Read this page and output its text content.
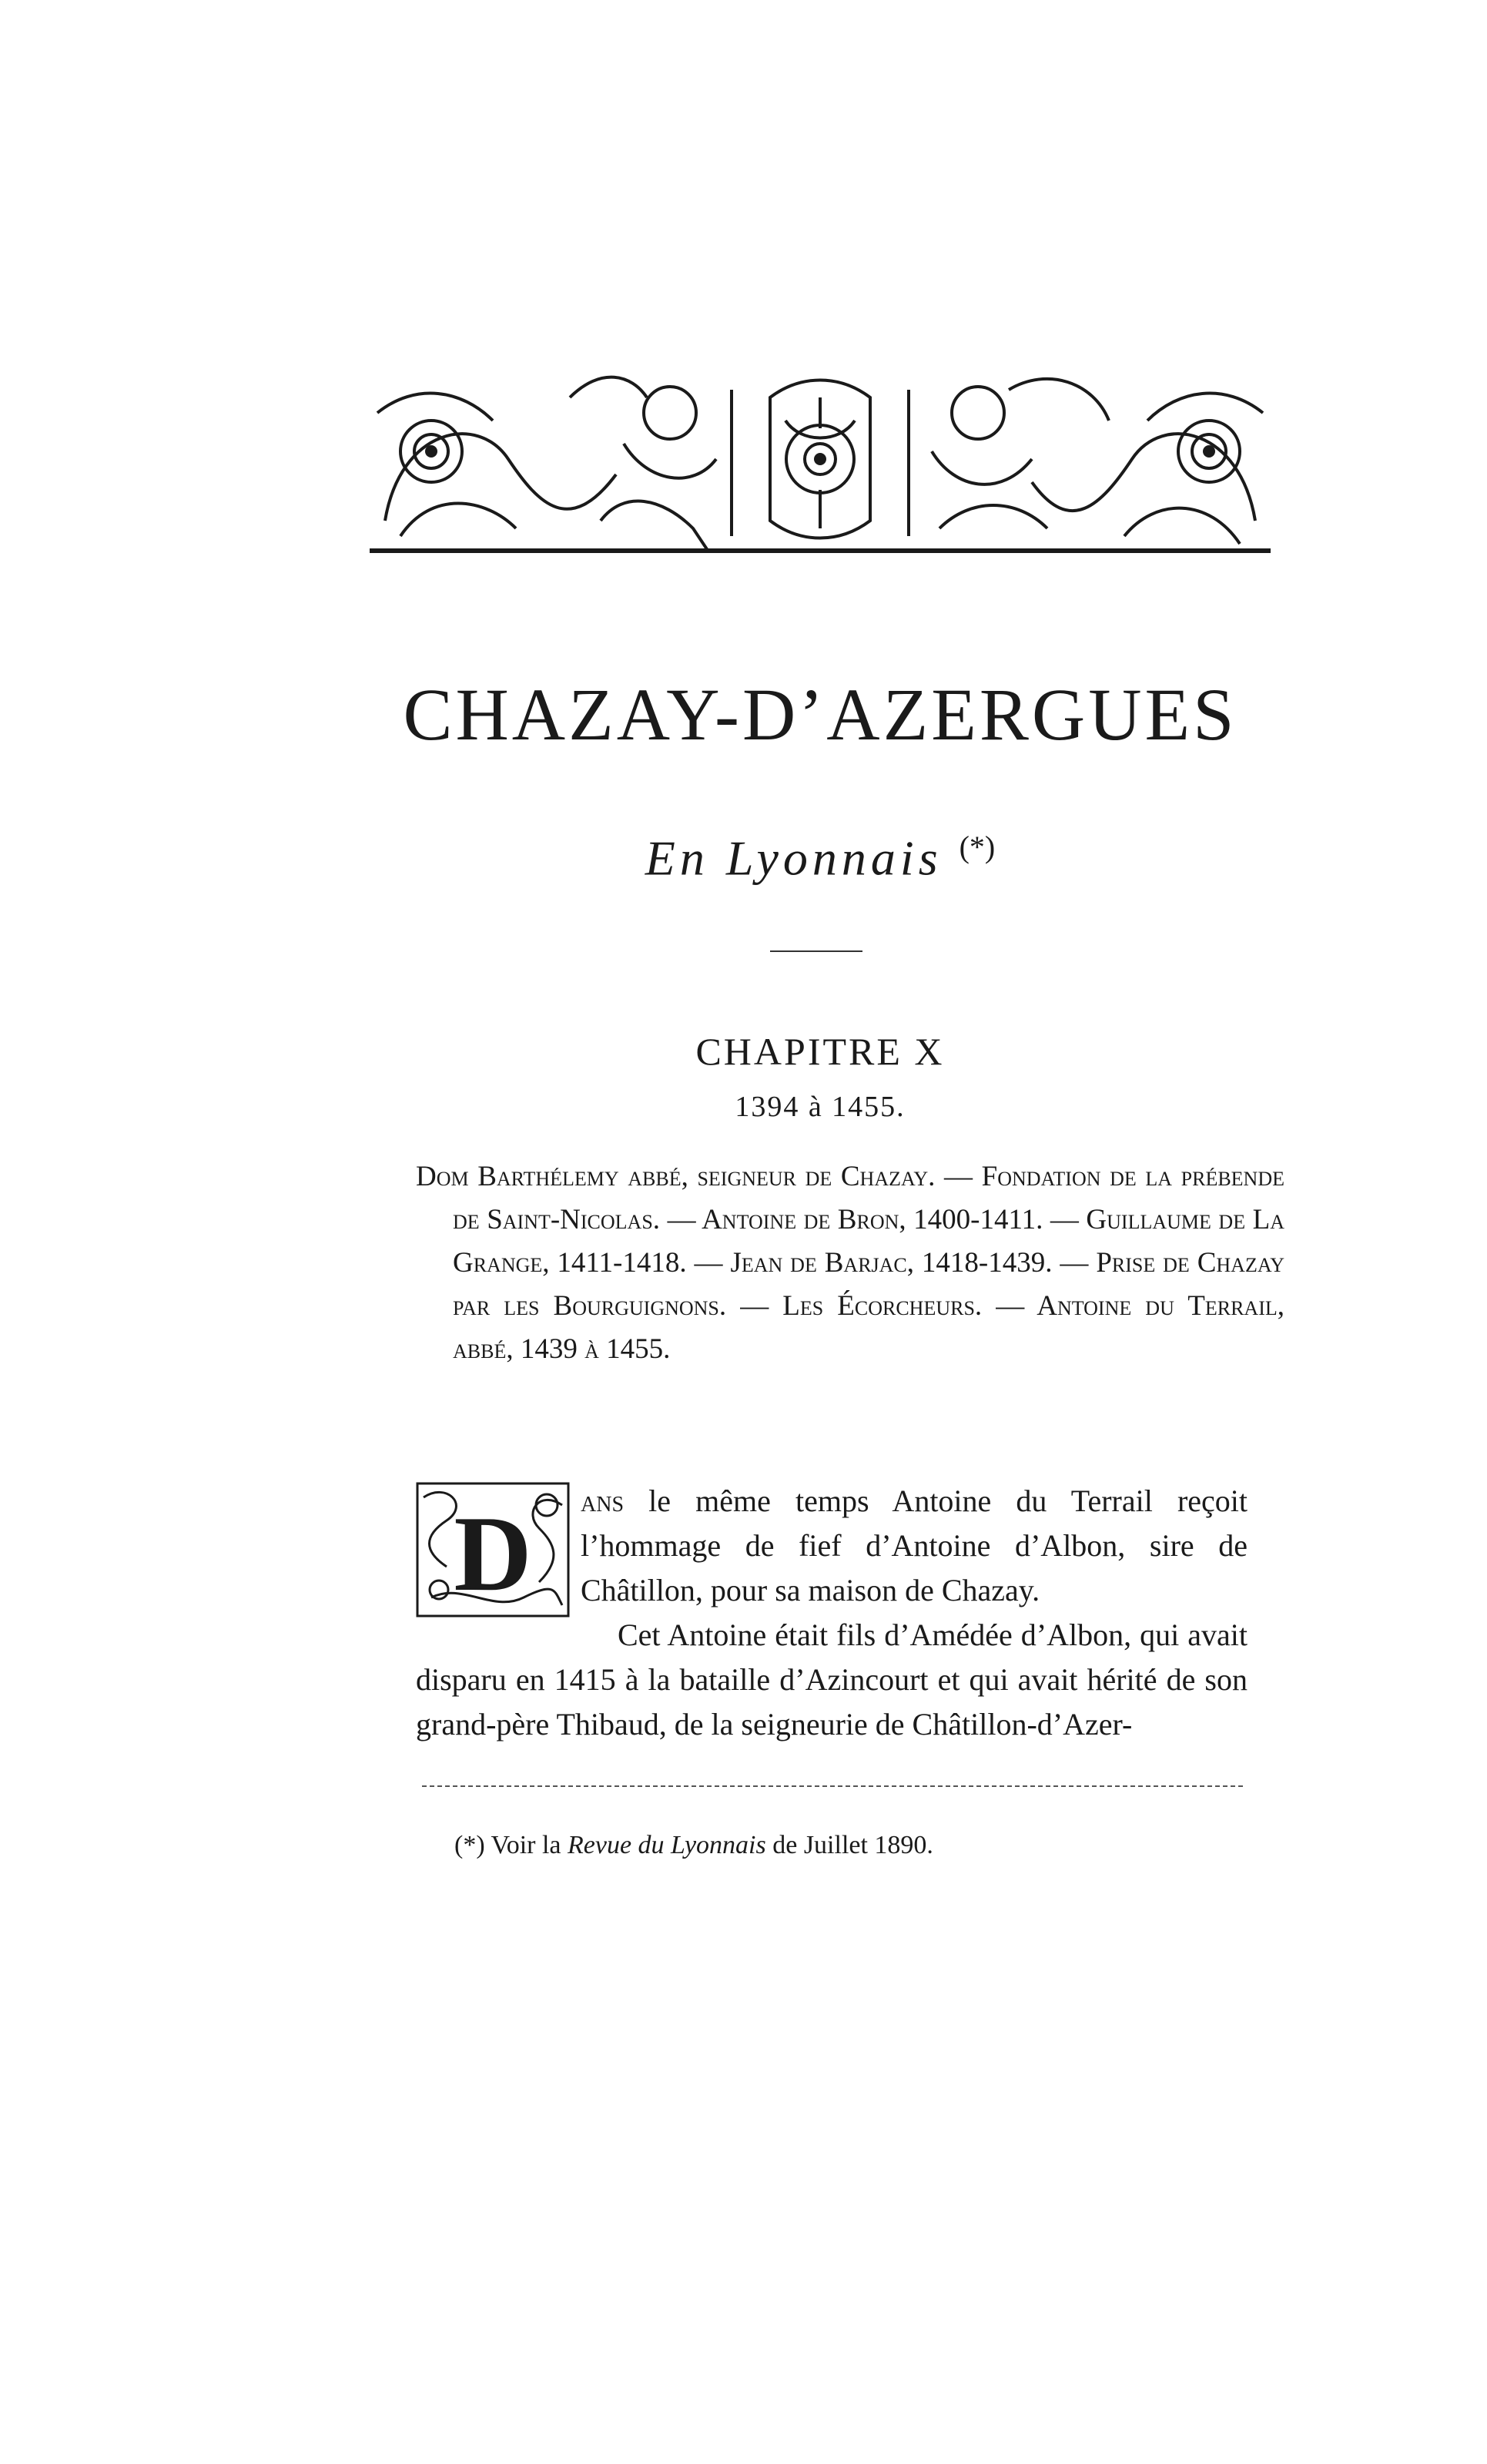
CHAZAY-D’AZERGUES
En Lyonnais (*)
CHAPITRE X
1394 à 1455.

Dom Barthélemy abbé, seigneur de Chazay. — Fondation de la prébende de Saint-Nicolas. — Antoine de Bron, 1400-1411. — Guillaume de La Grange, 1411-1418. — Jean de Barjac, 1418-1439. — Prise de Chazay par les Bourguignons. — Les Écorcheurs. — Antoine du Terrail, abbé, 1439 à 1455.

D	ans le même temps Antoine du Terrail reçoit l’hommage de fief d’Antoine d’Albon, sire de Châtillon, pour sa maison de Chazay.

Cet Antoine était fils d’Amédée d’Albon, qui avait disparu en 1415 à la bataille d’Azincourt et qui avait hérité de son grand-père Thibaud, de la seigneurie de Châtillon-d’Azer-

(*) Voir la Revue du Lyonnais de Juillet 1890.
